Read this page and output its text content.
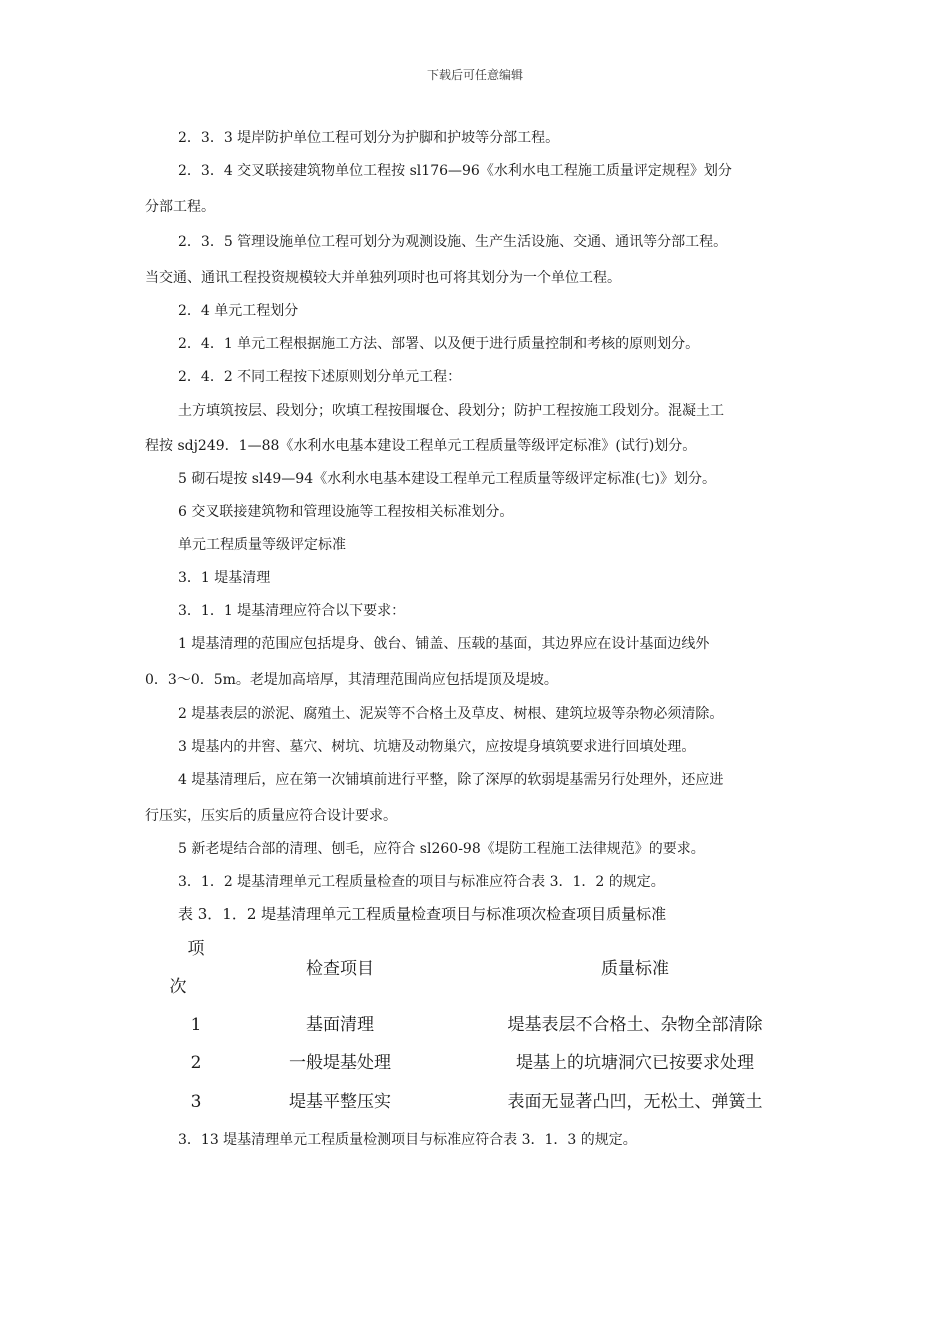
下载后可任意编辑
2．3．3 堤岸防护单位工程可划分为护脚和护坡等分部工程。
2．3．4 交叉联接建筑物单位工程按 sl176—96《水利水电工程施工质量评定规程》划分
分部工程。
2．3．5 管理设施单位工程可划分为观测设施、生产生活设施、交通、通讯等分部工程。
当交通、通讯工程投资规模较大并单独列项时也可将其划分为一个单位工程。
2．4 单元工程划分
2．4．1 单元工程根据施工方法、部署、以及便于进行质量控制和考核的原则划分。
2．4．2 不同工程按下述原则划分单元工程：
土方填筑按层、段划分；吹填工程按围堰仓、段划分；防护工程按施工段划分。混凝土工
程按 sdj249．1—88《水利水电基本建设工程单元工程质量等级评定标准》(试行)划分。
5 砌石堤按 sl49—94《水利水电基本建设工程单元工程质量等级评定标准(七)》划分。
6 交叉联接建筑物和管理设施等工程按相关标准划分。
单元工程质量等级评定标准
3．1 堤基清理
3．1．1 堤基清理应符合以下要求：
1 堤基清理的范围应包括堤身、戗台、铺盖、压载的基面，其边界应在设计基面边线外
0．3～0．5m。老堤加高培厚，其清理范围尚应包括堤顶及堤坡。
2 堤基表层的淤泥、腐殖土、泥炭等不合格土及草皮、树根、建筑垃圾等杂物必须清除。
3 堤基内的井窖、墓穴、树坑、坑塘及动物巢穴，应按堤身填筑要求进行回填处理。
4 堤基清理后，应在第一次铺填前进行平整，除了深厚的软弱堤基需另行处理外，还应进
行压实，压实后的质量应符合设计要求。
5 新老堤结合部的清理、刨毛，应符合 sl260-98《堤防工程施工法律规范》的要求。
3．1．2 堤基清理单元工程质量检查的项目与标准应符合表 3．1．2 的规定。
表 3．1．2 堤基清理单元工程质量检查项目与标准项次检查项目质量标准
项
次
检查项目	质量标准
1	基面清理	堤基表层不合格土、杂物全部清除
2	一般堤基处理	堤基上的坑塘洞穴已按要求处理
3	堤基平整压实	表面无显著凸凹，无松土、弹簧土
3．13 堤基清理单元工程质量检测项目与标准应符合表 3．1．3 的规定。
